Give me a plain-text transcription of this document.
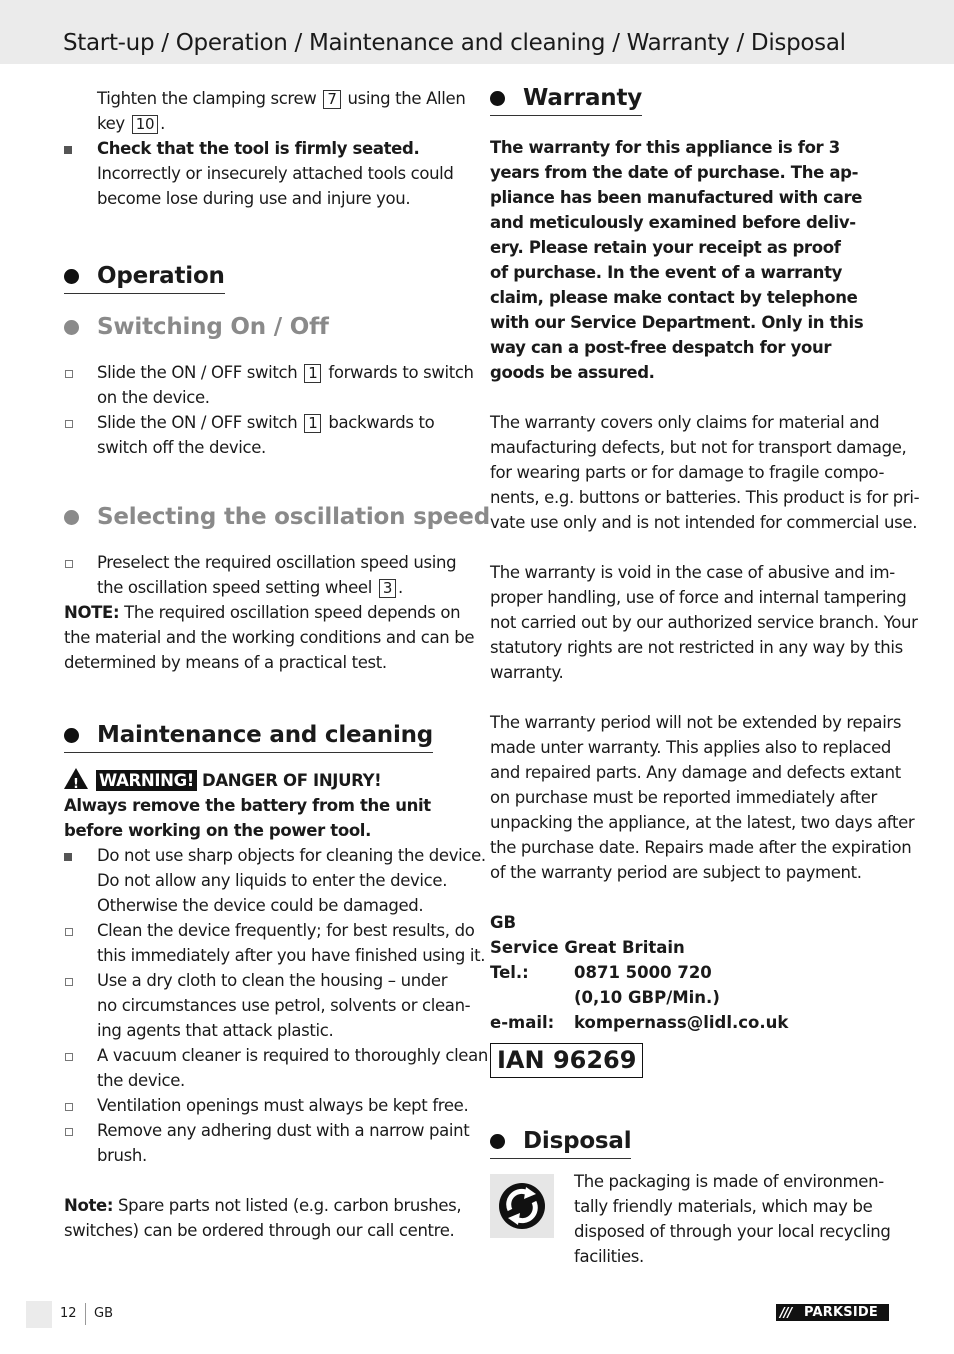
Start-up / Operation / Maintenance and cleaning / Warranty / Disposal

Tighten the clamping screw 7 using the Allen

key 10 .

Check that the tool is firmly seated.

Incorrectly or insecurely attached tools could

become lose during use and injure you.

Operation
Switching On / Off

Slide the ON / OFF switch 1 forwards to switch

on the device.

Slide the ON / OFF switch 1 backwards to

switch off the device.

Selecting the oscillation speed

Preselect the required oscillation speed using

the oscillation speed setting wheel 3 .

NOTE: The required oscillation speed depends on

the material and the working conditions and can be

determined by means of a practical test.

Maintenance and cleaning

! WARNING! DANGER OF INJURY!

Always remove the battery from the unit

before working on the power tool.

Do not use sharp objects for cleaning the device.

Do not allow any liquids to enter the device.

Otherwise the device could be damaged.

Clean the device frequently; for best results, do

this immediately after you have finished using it.

Use a dry cloth to clean the housing – under

no circumstances use petrol, solvents or clean-

ing agents that attack plastic.

A vacuum cleaner is required to thoroughly clean

the device.

Ventilation openings must always be kept free.

Remove any adhering dust with a narrow paint

brush.

Note: Spare parts not listed (e.g. carbon brushes,

switches) can be ordered through our call centre.

Warranty

The warranty for this appliance is for 3

years from the date of purchase. The ap-

pliance has been manufactured with care

and meticulously examined before deliv-

ery. Please retain your receipt as proof

of purchase. In the event of a warranty

claim, please make contact by telephone

with our Service Department. Only in this

way can a post-free despatch for your

goods be assured.

The warranty covers only claims for material and

maufacturing defects, but not for transport damage,

for wearing parts or for damage to fragile compo-

nents, e.g. buttons or batteries. This product is for pri-

vate use only and is not intended for commercial use.

The warranty is void in the case of abusive and im-

proper handling, use of force and internal tampering

not carried out by our authorized service branch. Your

statutory rights are not restricted in any way by this

warranty.

The warranty period will not be extended by repairs

made unter warranty. This applies also to replaced

and repaired parts. Any damage and defects extant

on purchase must be reported immediately after

unpacking the appliance, at the latest, two days after

the purchase date. Repairs made after the expiration

of the warranty period are subject to payment.

GB	
Service Great Britain	
Tel.:	0871 5000 720
	(0,10 GBP/Min.)
e-mail:	kompernass@lidl.co.uk
IAN 96269
Disposal

The packaging is made of environmen-

tally friendly materials, which may be

disposed of through your local recycling

facilities.

12 GB	/// PARKSIDE
